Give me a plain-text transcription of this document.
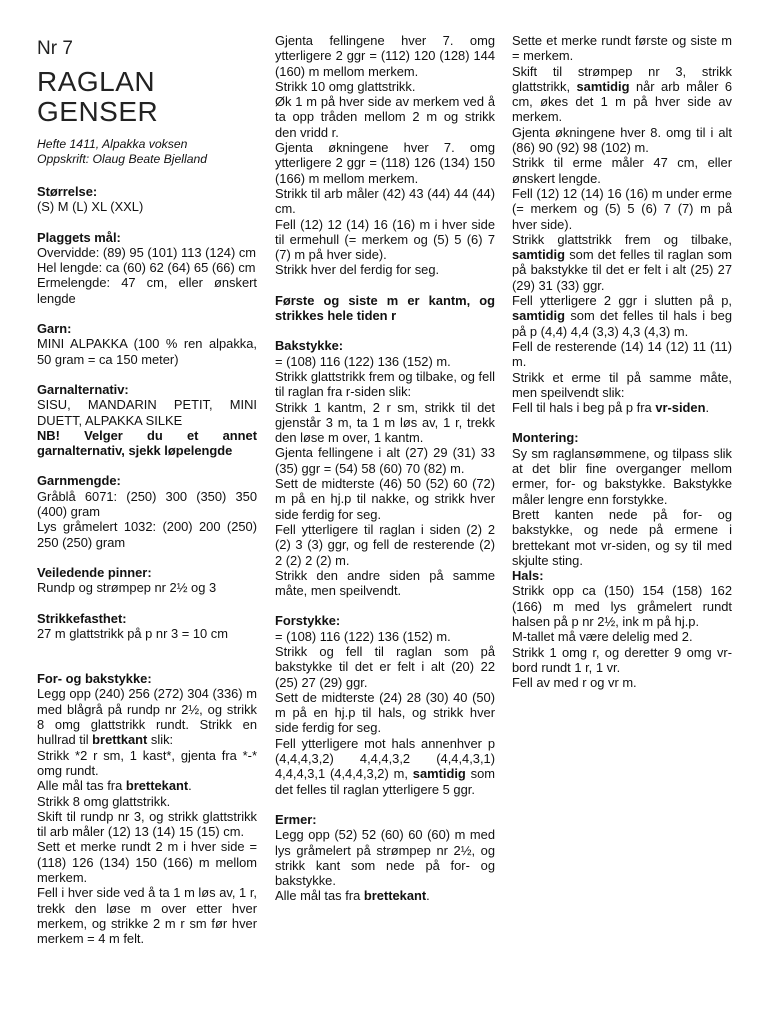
Nr 7
RAGLAN
GENSER
Hefte 1411, Alpakka voksen
Oppskrift: Olaug Beate Bjelland
Størrelse:
(S) M (L) XL (XXL)
Plaggets mål:
Overvidde: (89) 95 (101) 113 (124) cm
Hel lengde: ca (60) 62 (64) 65 (66) cm
Ermelengde: 47 cm, eller ønskert lengde
Garn:
MINI ALPAKKA (100 % ren alpakka, 50 gram = ca 150 meter)
Garnalternativ:
SISU, MANDARIN PETIT, MINI DUETT, ALPAKKA SILKE
NB! Velger du et annet garnalternativ, sjekk løpelengde
Garnmengde:
Gråblå 6071: (250) 300 (350) 350 (400) gram
Lys gråmelert 1032: (200) 200 (250) 250 (250) gram
Veiledende pinner:
Rundp og strømpep nr 2½ og 3
Strikkefasthet:
27 m glattstrikk på p nr 3 = 10 cm
For- og bakstykke:

Legg opp (240) 256 (272) 304 (336) m med blågrå på rundp nr 2½, og strikk 8 omg glattstrikk rundt. Strikk en hullrad til brettkant slik:

Strikk *2 r sm, 1 kast*, gjenta fra *-* omg rundt.

Alle mål tas fra brettekant.

Strikk 8 omg glattstrikk.

Skift til rundp nr 3, og strikk glattstrikk til arb måler (12) 13 (14) 15 (15) cm.

Sett et merke rundt 2 m i hver side = (118) 126 (134) 150 (166) m mellom merkem.

Fell i hver side ved å ta 1 m løs av, 1 r, trekk den løse m over etter hver merkem, og strikke 2 m r sm før hver merkem = 4 m felt.

Gjenta fellingene hver 7. omg ytterligere 2 ggr = (112) 120 (128) 144 (160) m mellom merkem.

Strikk 10 omg glattstrikk.

Øk 1 m på hver side av merkem ved å ta opp tråden mellom 2 m og strikk den vridd r.

Gjenta økningene hver 7. omg ytterligere 2 ggr = (118) 126 (134) 150 (166) m mellom merkem.

Strikk til arb måler (42) 43 (44) 44 (44) cm.

Fell (12) 12 (14) 16 (16) m i hver side til ermehull (= merkem og (5) 5 (6) 7 (7) m på hver side).

Strikk hver del ferdig for seg.

Første og siste m er kantm, og strikkes hele tiden r
Bakstykke:

= (108) 116 (122) 136 (152) m.

Strikk glattstrikk frem og tilbake, og fell til raglan fra r-siden slik:

Strikk 1 kantm, 2 r sm, strikk til det gjenstår 3 m, ta 1 m løs av, 1 r, trekk den løse m over, 1 kantm.

Gjenta fellingene i alt (27) 29 (31) 33 (35) ggr = (54) 58 (60) 70 (82) m.

Sett de midterste (46) 50 (52) 60 (72) m på en hj.p til nakke, og strikk hver side ferdig for seg.

Fell ytterligere til raglan i siden (2) 2 (2) 3 (3) ggr, og fell de resterende (2) 2 (2) 2 (2) m.

Strikk den andre siden på samme måte, men speilvendt.

Forstykke:

= (108) 116 (122) 136 (152) m.

Strikk og fell til raglan som på bakstykke til det er felt i alt (20) 22 (25) 27 (29) ggr.

Sett de midterste (24) 28 (30) 40 (50) m på en hj.p til hals, og strikk hver side ferdig for seg.

Fell ytterligere mot hals annenhver p (4,4,4,3,2) 4,4,4,3,2 (4,4,4,3,1) 4,4,4,3,1 (4,4,4,3,2) m, samtidig som det felles til raglan ytterligere 5 ggr.

Ermer:

Legg opp (52) 52 (60) 60 (60) m med lys gråmelert på strømpep nr 2½, og strikk kant som nede på for- og bakstykke.

Alle mål tas fra brettekant.

Sette et merke rundt første og siste m = merkem.

Skift til strømpep nr 3, strikk glattstrikk, samtidig når arb måler 6 cm, økes det 1 m på hver side av merkem.

Gjenta økningene hver 8. omg til i alt (86) 90 (92) 98 (102) m.

Strikk til erme måler 47 cm, eller ønskert lengde.

Fell (12) 12 (14) 16 (16) m under erme (= merkem og (5) 5 (6) 7 (7) m på hver side).

Strikk glattstrikk frem og tilbake, samtidig som det felles til raglan som på bakstykke til det er felt i alt (25) 27 (29) 31 (33) ggr.

Fell ytterligere 2 ggr i slutten på p, samtidig som det felles til hals i beg på p (4,4) 4,4 (3,3) 4,3 (4,3) m.

Fell de resterende (14) 14 (12) 11 (11) m.

Strikk et erme til på samme måte, men speilvendt slik:

Fell til hals i beg på p fra vr-siden.

Montering:

Sy sm raglansømmene, og tilpass slik at det blir fine overganger mellom ermer, for- og bakstykke. Bakstykke måler lengre enn forstykke.

Brett kanten nede på for- og bakstykke, og nede på ermene i brettekant mot vr-siden, og sy til med skjulte sting.

Hals:

Strikk opp ca (150) 154 (158) 162 (166) m med lys gråmelert rundt halsen på p nr 2½, ink m på hj.p.

M-tallet må være delelig med 2.

Strikk 1 omg r, og deretter 9 omg vr-bord rundt 1 r, 1 vr.

Fell av med r og vr m.
